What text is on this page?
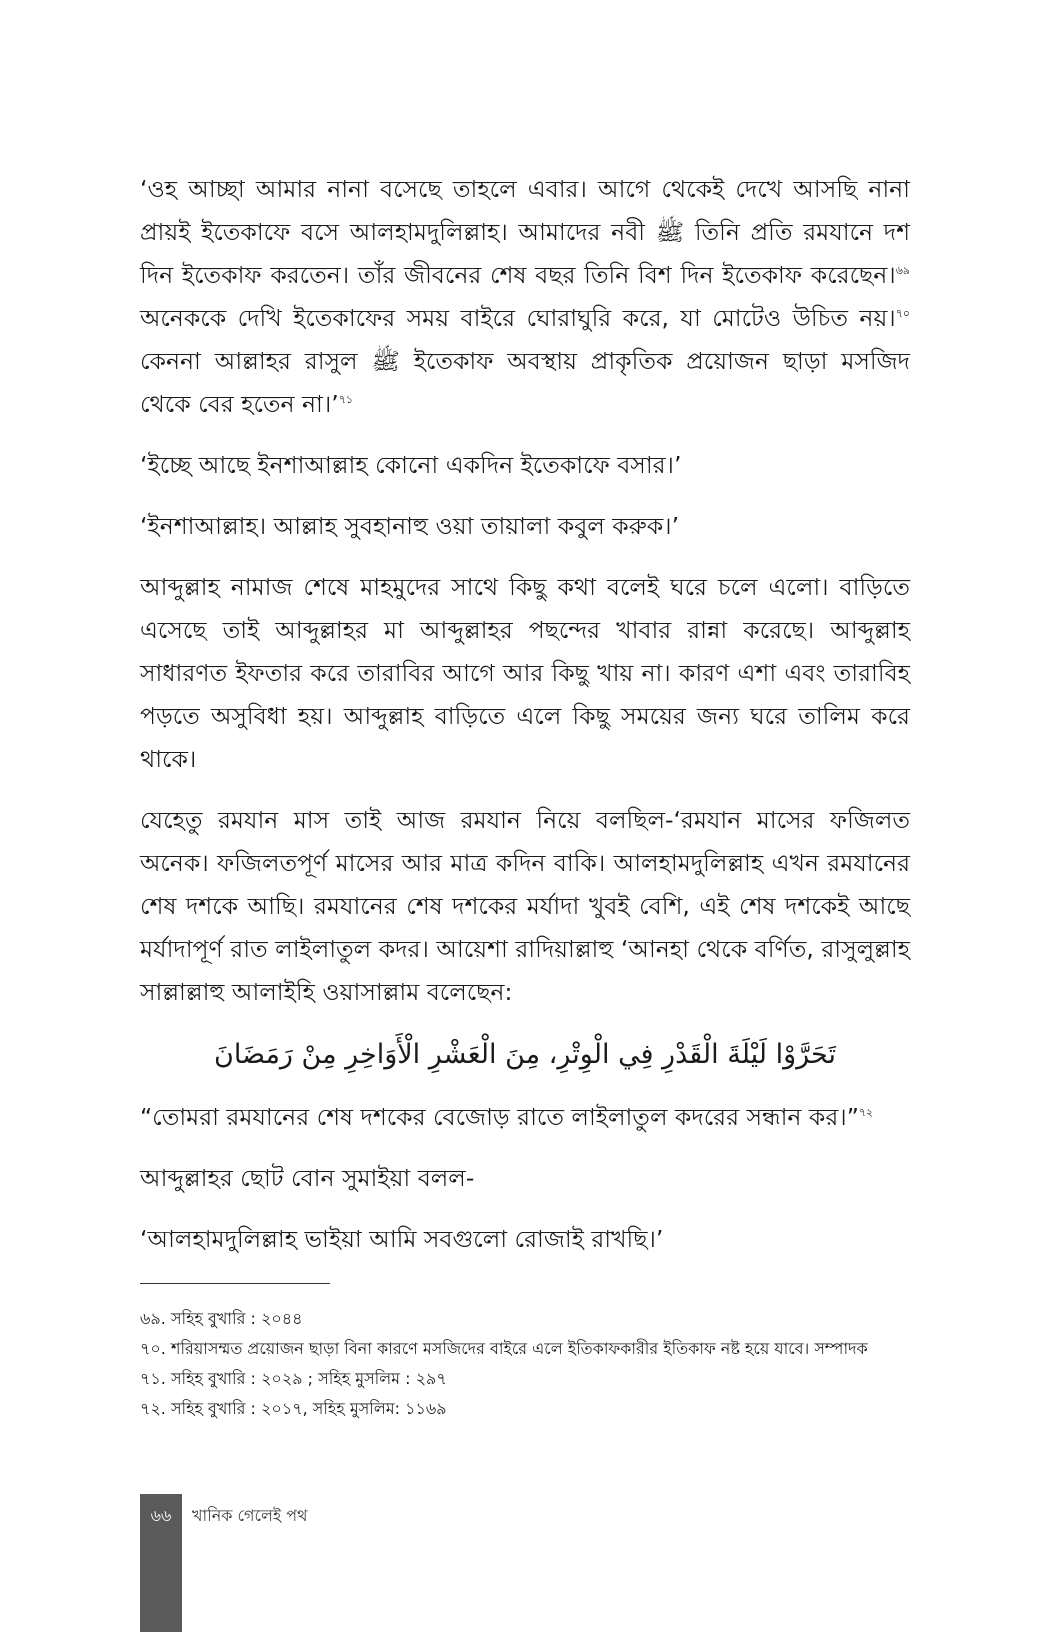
‘ওহ আচ্ছা আমার নানা বসেছে তাহলে এবার। আগে থেকেই দেখে আসছি নানা প্রায়ই ইতেকাফে বসে আলহামদুলিল্লাহ। আমাদের নবী ﷺ তিনি প্রতি রমযানে দশ দিন ইতেকাফ করতেন। তাঁর জীবনের শেষ বছর তিনি বিশ দিন ইতেকাফ করেছেন।$^{৬৯}$ অনেককে দেখি ইতেকাফের সময় বাইরে ঘোরাঘুরি করে, যা মোটেও উচিত নয়।$^{৭০}$ কেননা আল্লাহর রাসুল ﷺ ইতেকাফ অবস্থায় প্রাকৃতিক প্রয়োজন ছাড়া মসজিদ থেকে বের হতেন না।’$^{৭১}$

‘ইচ্ছে আছে ইনশাআল্লাহ কোনো একদিন ইতেকাফে বসার।’

‘ইনশাআল্লাহ। আল্লাহ সুবহানাহু ওয়া তায়ালা কবুল করুক।’

আব্দুল্লাহ নামাজ শেষে মাহমুদের সাথে কিছু কথা বলেই ঘরে চলে এলো। বাড়িতে এসেছে তাই আব্দুল্লাহর মা আব্দুল্লাহর পছন্দের খাবার রান্না করেছে। আব্দুল্লাহ সাধারণত ইফতার করে তারাবির আগে আর কিছু খায় না। কারণ এশা এবং তারাবিহ পড়তে অসুবিধা হয়। আব্দুল্লাহ বাড়িতে এলে কিছু সময়ের জন্য ঘরে তালিম করে থাকে।

যেহেতু রমযান মাস তাই আজ রমযান নিয়ে বলছিল-‘রমযান মাসের ফজিলত অনেক। ফজিলতপূর্ণ মাসের আর মাত্র কদিন বাকি। আলহামদুলিল্লাহ এখন রমযানের শেষ দশকে আছি। রমযানের শেষ দশকের মর্যাদা খুবই বেশি, এই শেষ দশকেই আছে মর্যাদাপূর্ণ রাত লাইলাতুল কদর। আয়েশা রাদিয়াল্লাহু ‘আনহা থেকে বর্ণিত, রাসুলুল্লাহ সাল্লাল্লাহু আলাইহি ওয়াসাল্লাম বলেছেন:

تَحَرَّوْا لَيْلَةَ الْقَدْرِ فِي الْوِتْرِ، مِنَ الْعَشْرِ الْأَوَاخِرِ مِنْ رَمَضَانَ

“তোমরা রমযানের শেষ দশকের বেজোড় রাতে লাইলাতুল কদরের সন্ধান কর।”$^{৭২}$

আব্দুল্লাহর ছোট বোন সুমাইয়া বলল-

‘আলহামদুলিল্লাহ ভাইয়া আমি সবগুলো রোজাই রাখছি।’

৬৯. সহিহ বুখারি : ২০৪৪

৭০. শরিয়াসম্মত প্রয়োজন ছাড়া বিনা কারণে মসজিদের বাইরে এলে ইতিকাফকারীর ইতিকাফ নষ্ট হয়ে যাবে। সম্পাদক

৭১. সহিহ বুখারি : ২০২৯ ; সহিহ মুসলিম : ২৯৭

৭২. সহিহ বুখারি : ২০১৭, সহিহ মুসলিম: ১১৬৯

৬৬	খানিক গেলেই পথ
